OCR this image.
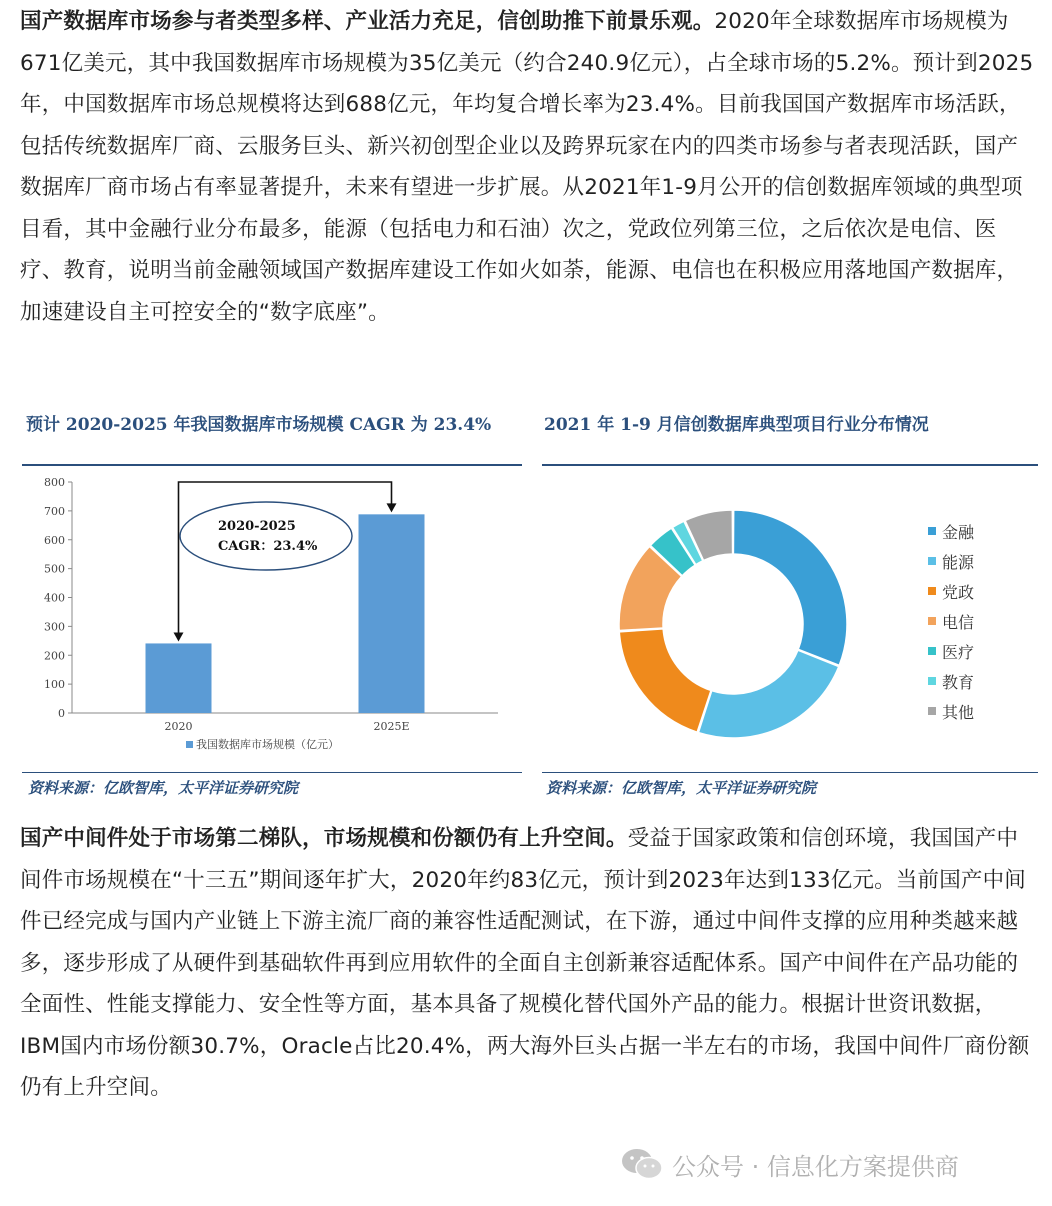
国产数据库市场参与者类型多样、产业活力充足，信创助推下前景乐观。2020年全球数据库市场规模为671亿美元，其中我国数据库市场规模为35亿美元（约合240.9亿元），占全球市场的5.2%。预计到2025年，中国数据库市场总规模将达到688亿元，年均复合增长率为23.4%。目前我国国产数据库市场活跃，包括传统数据库厂商、云服务巨头、新兴初创型企业以及跨界玩家在内的四类市场参与者表现活跃，国产数据库厂商市场占有率显著提升，未来有望进一步扩展。从2021年1-9月公开的信创数据库领域的典型项目看，其中金融行业分布最多，能源（包括电力和石油）次之，党政位列第三位，之后依次是电信、医疗、教育，说明当前金融领域国产数据库建设工作如火如荼，能源、电信也在积极应用落地国产数据库，加速建设自主可控安全的“数字底座”。

预计 2020-2025 年我国数据库市场规模 CAGR 为 23.4%

0
100
200
300
400
500
600
700
800
2020	2025E
我国数据库市场规模（亿元）
2020-2025
CAGR：23.4%

资料来源：亿欧智库，太平洋证券研究院

2021 年 1-9 月信创数据库典型项目行业分布情况

金融
能源
党政
电信
医疗
教育
其他

资料来源：亿欧智库，太平洋证券研究院

国产中间件处于市场第二梯队，市场规模和份额仍有上升空间。受益于国家政策和信创环境，我国国产中间件市场规模在“十三五”期间逐年扩大，2020年约83亿元，预计到2023年达到133亿元。当前国产中间件已经完成与国内产业链上下游主流厂商的兼容性适配测试，在下游，通过中间件支撑的应用种类越来越多，逐步形成了从硬件到基础软件再到应用软件的全面自主创新兼容适配体系。国产中间件在产品功能的全面性、性能支撑能力、安全性等方面，基本具备了规模化替代国外产品的能力。根据计世资讯数据，IBM国内市场份额30.7%，Oracle占比20.4%，两大海外巨头占据一半左右的市场，我国中间件厂商份额仍有上升空间。

公众号 · 信息化方案提供商
